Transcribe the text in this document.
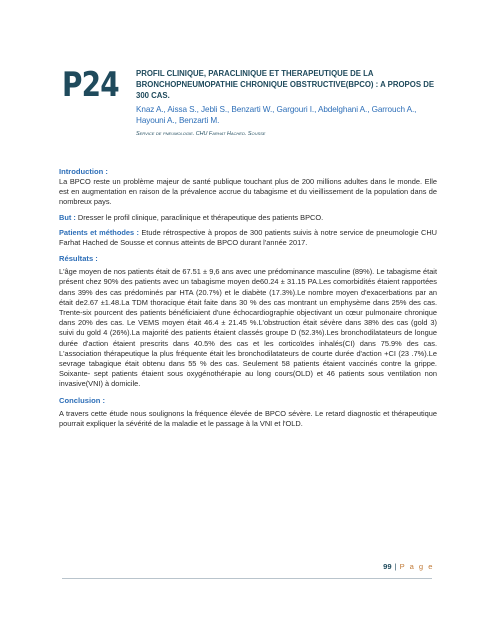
P24 PROFIL CLINIQUE, PARACLINIQUE ET THERAPEUTIQUE DE LA BRONCHOPNEUMOPATHIE CHRONIQUE OBSTRUCTIVE(BPCO) : A PROPOS DE 300 CAS.

Knaz A., Aissa S., Jebli S., Benzarti W., Gargouri I., Abdelghani A., Garrouch A., Hayouni A., Benzarti M.

Service de pneumologie. CHU Farhat Hached. Sousse

Introduction :

La BPCO reste un problème majeur de santé publique touchant plus de 200 millions adultes dans le monde. Elle est en augmentation en raison de la prévalence accrue du tabagisme et du vieillissement de la population dans de nombreux pays.

But : Dresser le profil clinique, paraclinique et thérapeutique des patients BPCO.

Patients et méthodes : Etude rétrospective à propos de 300 patients suivis à notre service de pneumologie CHU Farhat Hached de Sousse et connus atteints de BPCO durant l'année 2017.

Résultats :

L'âge moyen de nos patients était de 67.51 ± 9,6 ans avec une prédominance masculine (89%). Le tabagisme était présent chez 90% des patients avec un tabagisme moyen de60.24 ± 31.15 PA.Les comorbidités étaient rapportées dans 39% des cas prédominés par HTA (20.7%) et le diabète (17.3%).Le nombre moyen d'exacerbations par an était de2.67 ±1.48.La TDM thoracique était faite dans 30 % des cas montrant un emphysème dans 25% des cas. Trente-six pourcent des patients bénéficiaient d'une échocardiographie objectivant un cœur pulmonaire chronique dans 20% des cas. Le VEMS moyen était 46.4 ± 21.45 %.L'obstruction était sévère dans 38% des cas (gold 3) suivi du gold 4 (26%).La majorité des patients étaient classés groupe D (52.3%).Les bronchodilatateurs de longue durée d'action étaient prescrits dans 40.5% des cas et les corticoïdes inhalés(CI) dans 75.9% des cas. L'association thérapeutique la plus fréquente était les bronchodilatateurs de courte durée d'action +CI (23 .7%).Le sevrage tabagique était obtenu dans 55 % des cas. Seulement 58 patients étaient vaccinés contre la grippe. Soixante- sept patients étaient sous oxygénothérapie au long cours(OLD) et 46 patients sous ventilation non invasive(VNI) à domicile.

Conclusion :

A travers cette étude nous soulignons la fréquence élevée de BPCO sévère. Le retard diagnostic et thérapeutique pourrait expliquer la sévérité de la maladie et le passage à la VNI et l'OLD.

99 | P a g e
